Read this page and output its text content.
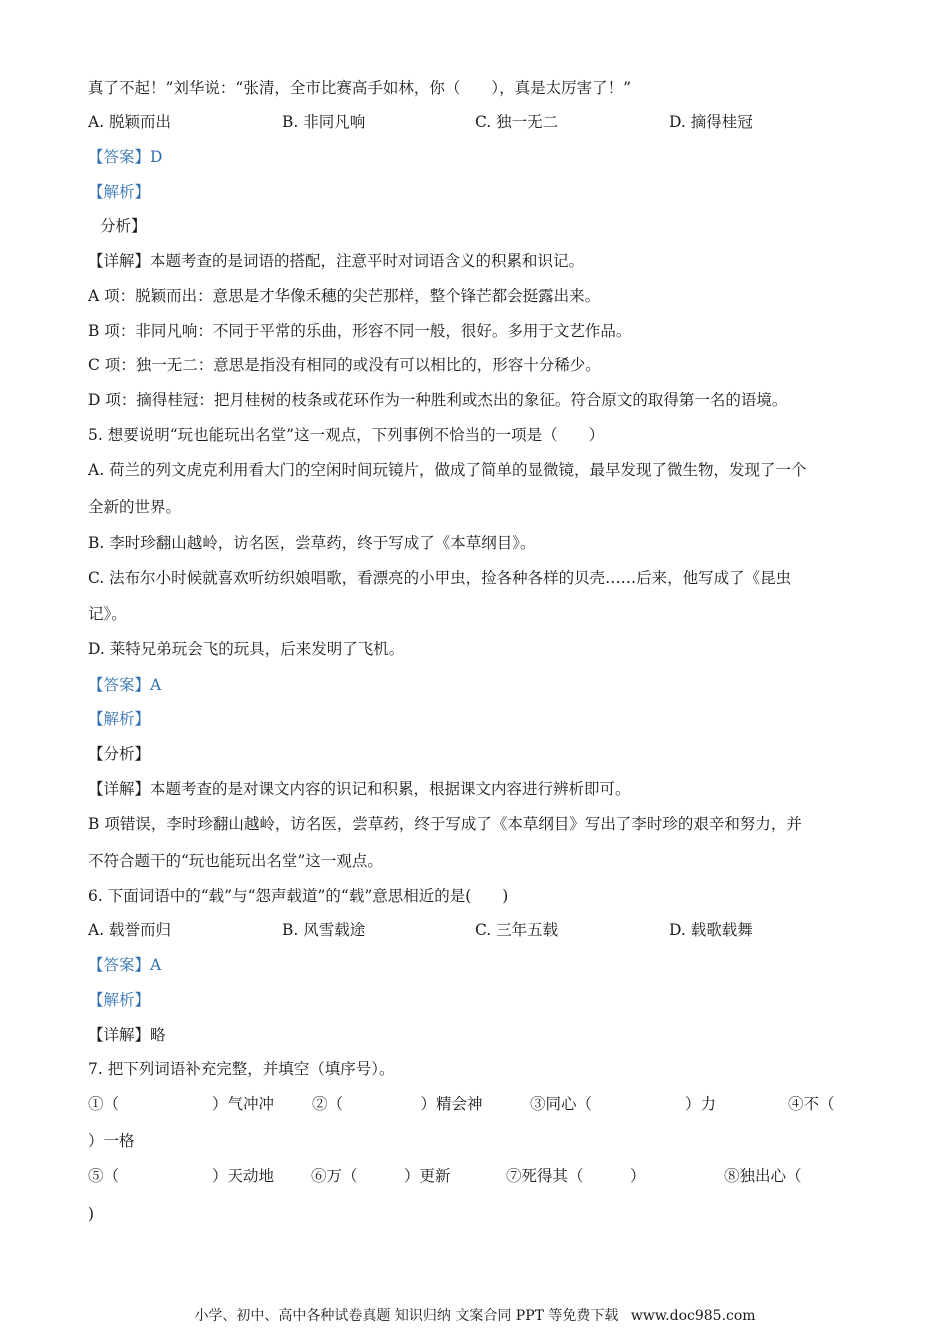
真了不起！”刘华说：“张清，全市比赛高手如林，你（　　），真是太厉害了！”
A. 脱颖而出	B. 非同凡响	C. 独一无二	D. 摘得桂冠
【答案】D
【解析】
分析】
【详解】本题考查的是词语的搭配，注意平时对词语含义的积累和识记。
A 项：脱颖而出：意思是才华像禾穗的尖芒那样，整个锋芒都会挺露出来。
B 项：非同凡响：不同于平常的乐曲，形容不同一般，很好。多用于文艺作品。
C 项：独一无二：意思是指没有相同的或没有可以相比的，形容十分稀少。
D 项：摘得桂冠：把月桂树的枝条或花环作为一种胜利或杰出的象征。符合原文的取得第一名的语境。
5. 想要说明“玩也能玩出名堂”这一观点，下列事例不恰当的一项是（　　）
A. 荷兰的列文虎克利用看大门的空闲时间玩镜片，做成了简单的显微镜，最早发现了微生物，发现了一个
全新的世界。
B. 李时珍翻山越岭，访名医，尝草药，终于写成了《本草纲目》。
C. 法布尔小时候就喜欢听纺织娘唱歌，看漂亮的小甲虫，捡各种各样的贝壳……后来，他写成了《昆虫
记》。
D. 莱特兄弟玩会飞的玩具，后来发明了飞机。
【答案】A
【解析】
【分析】
【详解】本题考查的是对课文内容的识记和积累，根据课文内容进行辨析即可。
B 项错误，李时珍翻山越岭，访名医，尝草药，终于写成了《本草纲目》写出了李时珍的艰辛和努力，并
不符合题干的“玩也能玩出名堂”这一观点。
6. 下面词语中的“载”与“怨声载道”的“载”意思相近的是(　　)
A. 载誉而归	B. 风雪载途	C. 三年五载	D. 载歌载舞
【答案】A
【解析】
【详解】略
7. 把下列词语补充完整，并填空（填序号）。
①（　　　　　　）气冲冲 ②（　　　　　）精会神	③同心（　　　　　　）力	④不（
）一格
⑤（　　　　　　）天动地 ⑥万（　　　）更新	⑦死得其（　　　）	⑧独出心（
)
小学、初中、高中各种试卷真题 知识归纳 文案合同 PPT 等免费下载 www.doc985.com
